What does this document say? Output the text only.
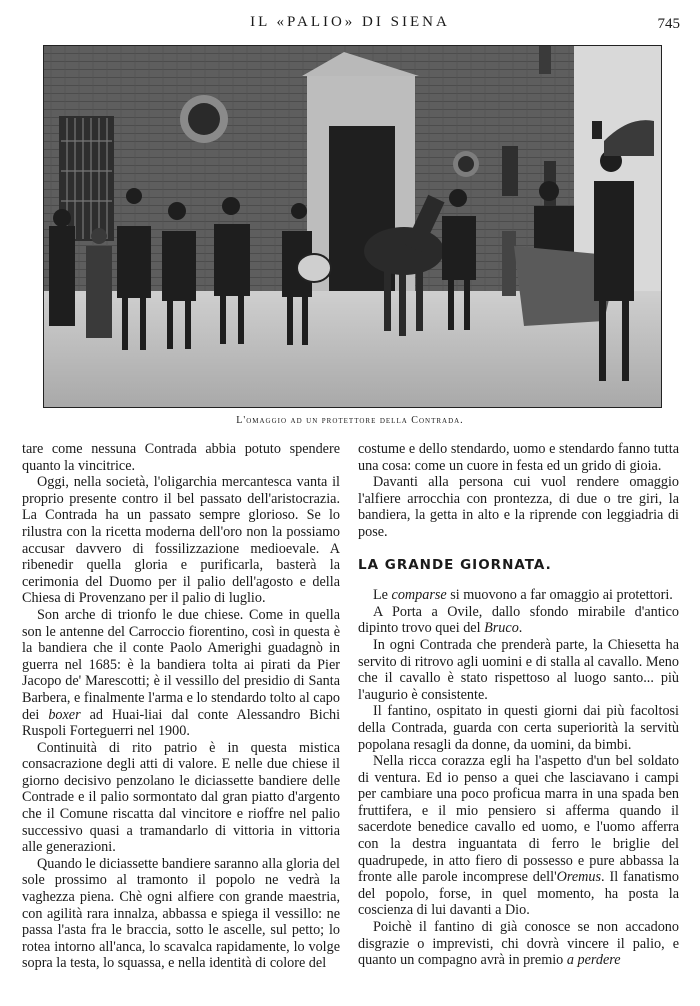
IL «PALIO» DI SIENA	745
L'omaggio ad un protettore della Contrada.

tare come nessuna Contrada abbia potuto spendere quanto la vincitrice.

Oggi, nella società, l'oligarchia mercantesca vanta il proprio presente contro il bel passato dell'aristocrazia. La Contrada ha un passato sempre glorioso. Se lo rilustra con la ricetta moderna dell'oro non la possiamo accusar davvero di fossilizzazione medioevale. A ribenedir quella gloria e purificarla, basterà la cerimonia del Duomo per il palio dell'agosto e della Chiesa di Provenzano per il palio di luglio.

Son arche di trionfo le due chiese. Come in quella son le antenne del Carroccio fiorentino, così in questa è la bandiera che il conte Paolo Amerighi guadagnò in guerra nel 1685: è la bandiera tolta ai pirati da Pier Jacopo de' Marescotti; è il vessillo del presidio di Santa Barbera, e finalmente l'arma e lo stendardo tolto al capo dei boxer ad Huai-liai dal conte Alessandro Bichi Ruspoli Forteguerri nel 1900.

Continuità di rito patrio è in questa mistica consacrazione degli atti di valore. E nelle due chiese il giorno decisivo penzolano le diciassette bandiere delle Contrade e il palio sormontato dal gran piatto d'argento che il Comune riscatta dal vincitore e rioffre nel palio successivo quasi a tramandarlo di vittoria in vittoria alle generazioni.

Quando le diciassette bandiere saranno alla gloria del sole prossimo al tramonto il popolo ne vedrà la vaghezza piena. Chè ogni alfiere con grande maestria, con agilità rara innalza, abbassa e spiega il vessillo: ne passa l'asta fra le braccia, sotto le ascelle, sul petto; lo rotea intorno all'anca, lo scavalca rapidamente, lo volge sopra la testa, lo squassa, e nella identità di colore del

costume e dello stendardo, uomo e stendardo fanno tutta una cosa: come un cuore in festa ed un grido di gioia.

Davanti alla persona cui vuol rendere omaggio l'alfiere arrocchia con prontezza, di due o tre giri, la bandiera, la getta in alto e la riprende con leggiadria di pose.

LA GRANDE GIORNATA.

Le comparse si muovono a far omaggio ai protettori.

A Porta a Ovile, dallo sfondo mirabile d'antico dipinto trovo quei del Bruco.

In ogni Contrada che prenderà parte, la Chiesetta ha servito di ritrovo agli uomini e di stalla al cavallo. Meno che il cavallo è stato rispettoso al luogo santo... più l'augurio è consistente.

Il fantino, ospitato in questi giorni dai più facoltosi della Contrada, guarda con certa superiorità la servitù popolana resagli da donne, da uomini, da bimbi.

Nella ricca corazza egli ha l'aspetto d'un bel soldato di ventura. Ed io penso a quei che lasciavano i campi per cambiare una poco proficua marra in una spada ben fruttifera, e il mio pensiero si afferma quando il sacerdote benedice cavallo ed uomo, e l'uomo afferra con la destra inguantata di ferro le briglie del quadrupede, in atto fiero di possesso e pure abbassa la fronte alle parole incomprese dell'Oremus. Il fanatismo del popolo, forse, in quel momento, ha posta la coscienza di lui davanti a Dio.

Poichè il fantino di già conosce se non accadono disgrazie o imprevisti, chi dovrà vincere il palio, e quanto un compagno avrà in premio a perdere
